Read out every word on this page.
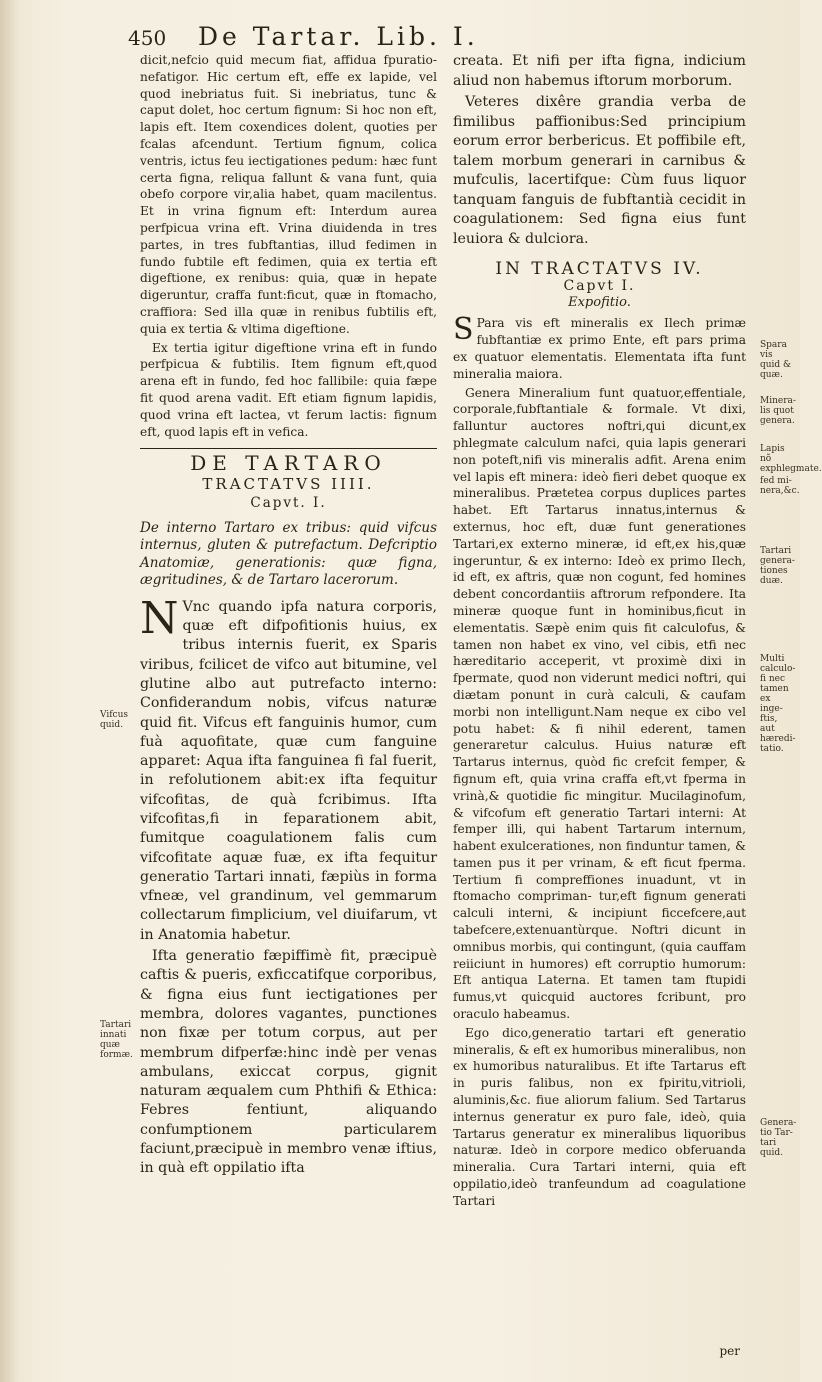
450 De Tartar. Lib. I.

dicit,nefcio quid mecum fiat, affidua fpuratio- nefatigor. Hic certum eft, effe ex lapide, vel quod inebriatus fuit. Si inebriatus, tunc & caput dolet, hoc certum fignum: Si hoc non eft, lapis eft. Item coxendices dolent, quoties per fcalas afcendunt. Tertium fignum, colica ventris, ictus feu iectigationes pedum: hæc funt certa figna, reliqua fallunt & vana funt, quia obefo corpore vir,alia habet, quam macilentus. Et in vrina fignum eft: Interdum aurea perfpicua vrina eft. Vrina diuidenda in tres partes, in tres fubftantias, illud fedimen in fundo fubtile eft fedimen, quia ex tertia eft digeftione, ex renibus: quia, quæ in hepate digeruntur, craffa funt:ficut, quæ in ftomacho, craffiora: Sed illa quæ in renibus fubtilis eft, quia ex tertia & vltima digeftione.

Ex tertia igitur digeftione vrina eft in fundo perfpicua & fubtilis. Item fignum eft,quod arena eft in fundo, fed hoc fallibile: quia fæpe fit quod arena vadit. Eft etiam fignum lapidis, quod vrina eft lactea, vt ferum lactis: fignum eft, quod lapis eft in vefica.

DE TARTARO
TRACTATVS IIII.
Capvt. I.
De interno Tartaro ex tribus: quid vifcus internus, gluten & putrefactum. Defcriptio Anatomiæ, generationis: quæ figna, ægritudines, & de Tartaro lacerorum.

N Vnc quando ipfa natura corporis, quæ eft difpofitionis huius, ex tribus internis fuerit, ex Sparis viribus, fcilicet de vifco aut bitumine, vel glutine albo aut putrefacto interno: Confiderandum nobis, vifcus naturæ quid fit. Vifcus eft fanguinis humor, cum fuà aquofitate, quæ cum fanguine apparet: Aqua ifta fanguinea fi fal fuerit, in refolutionem abit:ex ifta fequitur vifcofitas, de quà fcribimus. Ifta vifcofitas,fi in feparationem abit, fumitque coagulationem falis cum vifcofitate aquæ fuæ, ex ifta fequitur generatio Tartari innati, fæpiùs in forma vfneæ, vel grandinum, vel gemmarum collectarum fimplicium, vel diuifarum, vt in Anatomia habetur.

Ifta generatio fæpiffimè fit, præcipuè caftis & pueris, exficcatifque corporibus, & figna eius funt iectigationes per membra, dolores vagantes, punctiones non fixæ per totum corpus, aut per membrum difperfæ:hinc indè per venas ambulans, exiccat corpus, gignit naturam æqualem cum Phthifi & Ethica: Febres fentiunt, aliquando confumptionem particularem faciunt,præcipuè in membro venæ iftius, in quà eft oppilatio ifta

creata. Et nifi per ifta figna, indicium aliud non habemus iftorum morborum.

Veteres dixêre grandia verba de fimilibus paffionibus:Sed principium eorum error berbericus. Et poffibile eft, talem morbum generari in carnibus & mufculis, lacertifque: Cùm fuus liquor tanquam fanguis de fubftantià cecidit in coagulationem: Sed figna eius funt leuiora & dulciora.

IN TRACTATVS IV.
Capvt I.
Expofitio.

S Para vis eft mineralis ex Ilech primæ fubftantiæ ex primo Ente, eft pars prima ex quatuor elementatis. Elementata ifta funt mineralia maiora.

Genera Mineralium funt quatuor,effentiale, corporale,fubftantiale & formale. Vt dixi, falluntur auctores noftri,qui dicunt,ex phlegmate calculum nafci, quia lapis generari non poteft,nifi vis mineralis adfit. Arena enim vel lapis eft minera: ideò fieri debet quoque ex mineralibus. Prætetea corpus duplices partes habet. Eft Tartarus innatus,internus & externus, hoc eft, duæ funt generationes Tartari,ex externo mineræ, id eft,ex his,quæ ingeruntur, & ex interno: Ideò ex primo Ilech, id eft, ex aftris, quæ non cogunt, fed homines debent concordantiis aftrorum refpondere. Ita mineræ quoque funt in hominibus,ficut in elementatis. Sæpè enim quis fit calculofus, & tamen non habet ex vino, vel cibis, etfi nec hæreditario acceperit, vt proximè dixi in fpermate, quod non viderunt medici noftri, qui diætam ponunt in curà calculi, & caufam morbi non intelligunt.Nam neque ex cibo vel potu habet: & fi nihil ederent, tamen generaretur calculus. Huius naturæ eft Tartarus internus, quòd fic crefcit femper, & fignum eft, quia vrina craffa eft,vt fperma in vrinà,& quotidie fic mingitur. Mucilaginofum, & vifcofum eft generatio Tartari interni: At femper illi, qui habent Tartarum internum, habent exulcerationes, non finduntur tamen, & tamen pus it per vrinam, & eft ficut fperma. Tertium fi compreffiones inuadunt, vt in ftomacho compriman- tur,eft fignum generati calculi interni, & incipiunt ficcefcere,aut tabefcere,extenuantùrque. Noftri dicunt in omnibus morbis, qui contingunt, (quia cauffam reiiciunt in humores) eft corruptio humorum: Eft antiqua Laterna. Et tamen tam ftupidi fumus,vt quicquid auctores fcribunt, pro oraculo habeamus.

Ego dico,generatio tartari eft generatio mineralis, & eft ex humoribus mineralibus, non ex humoribus naturalibus. Et ifte Tartarus eft in puris falibus, non ex fpiritu,vitrioli, aluminis,&c. fiue aliorum falium. Sed Tartarus internus generatur ex puro fale, ideò, quia Tartarus generatur ex mineralibus liquoribus naturæ. Ideò in corpore medico obferuanda mineralia. Cura Tartari interni, quia eft oppilatio,ideò tranfeundum ad coagulatione Tartari

Vifcus quid.
Tartari innati quæ formæ.
Spara vis quid & quæ.
Minera- lis quot genera.
Lapis nõ exphlegmate.
fed mi- nera,&c.
Tartari genera- tiones duæ.
Multi calculo- fi nec tamen ex inge- ftis, aut hæredi- tatio.
Genera- tio Tar- tari quid.
per
